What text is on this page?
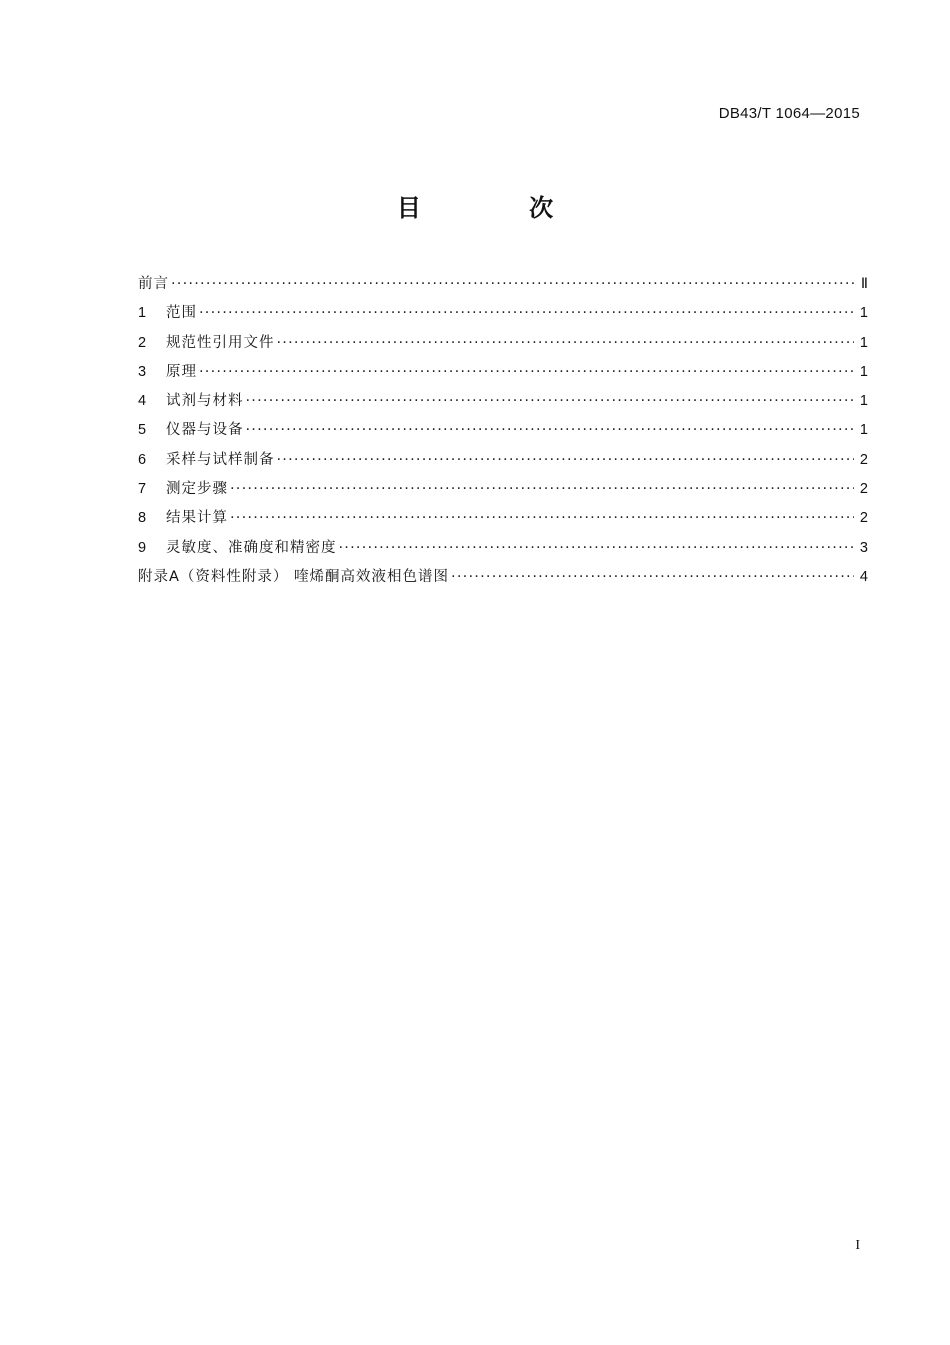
DB43/T 1064—2015
目 次
前言 ·····	Ⅱ
1	范围 ·····	1
2	规范性引用文件 ·····	1
3	原理 ·····	1
4	试剂与材料 ·····	1
5	仪器与设备 ·····	1
6	采样与试样制备 ·····	2
7	测定步骤 ·····	2
8	结果计算 ·····	2
9	灵敏度、准确度和精密度 ·····	3
附录A（资料性附录） 喹烯酮高效液相色谱图 ·····	4
I
